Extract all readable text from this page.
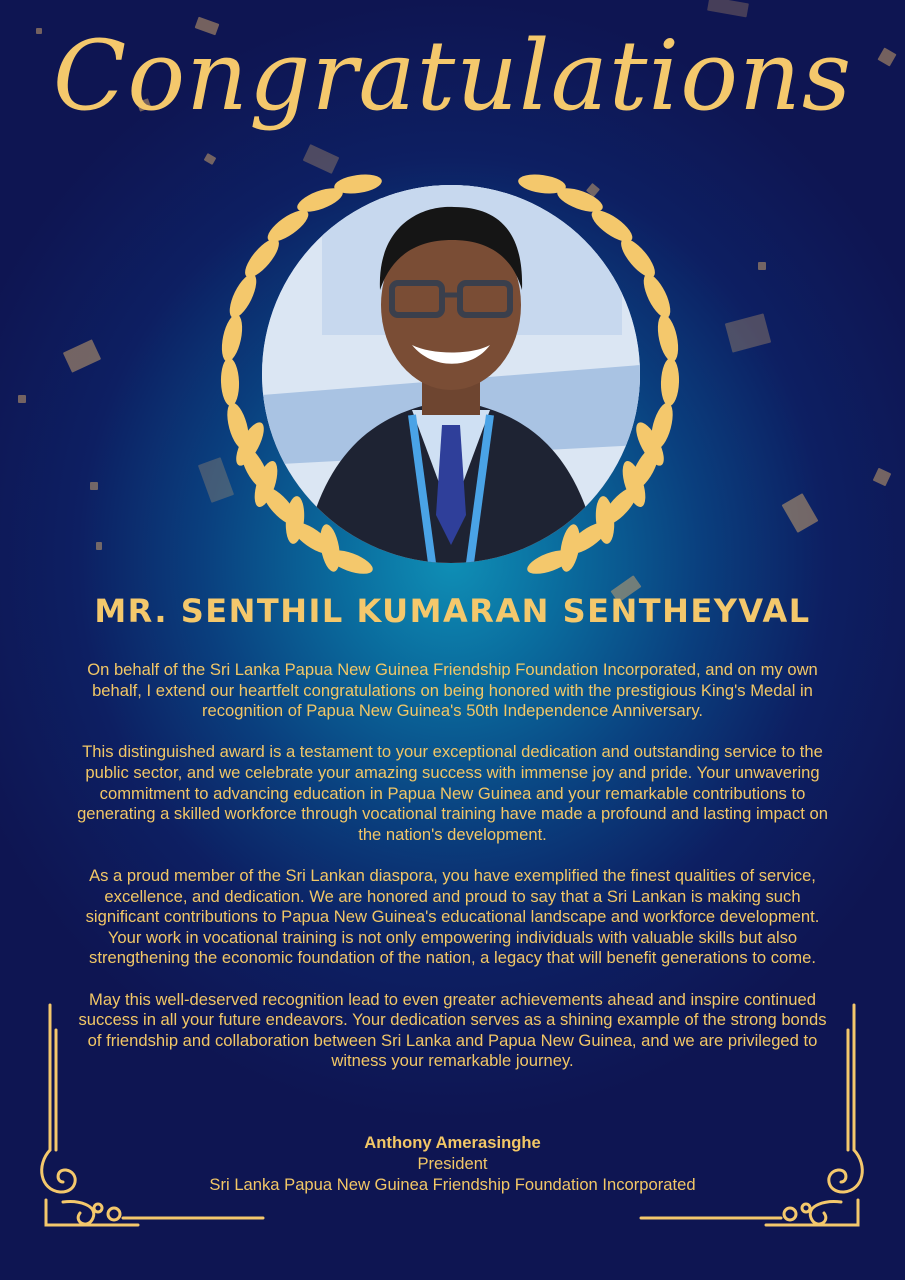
Congratulations
MR. SENTHIL KUMARAN SENTHEYVAL

On behalf of the Sri Lanka Papua New Guinea Friendship Foundation Incorporated, and on my own behalf, I extend our heartfelt congratulations on being honored with the prestigious King's Medal in recognition of Papua New Guinea's 50th Independence Anniversary.

This distinguished award is a testament to your exceptional dedication and outstanding service to the public sector, and we celebrate your amazing success with immense joy and pride. Your unwavering commitment to advancing education in Papua New Guinea and your remarkable contributions to generating a skilled workforce through vocational training have made a profound and lasting impact on the nation's development.

As a proud member of the Sri Lankan diaspora, you have exemplified the finest qualities of service, excellence, and dedication. We are honored and proud to say that a Sri Lankan is making such significant contributions to Papua New Guinea's educational landscape and workforce development. Your work in vocational training is not only empowering individuals with valuable skills but also strengthening the economic foundation of the nation, a legacy that will benefit generations to come.

May this well-deserved recognition lead to even greater achievements ahead and inspire continued success in all your future endeavors. Your dedication serves as a shining example of the strong bonds of friendship and collaboration between Sri Lanka and Papua New Guinea, and we are privileged to witness your remarkable journey.

Anthony Amerasinghe
President
Sri Lanka Papua New Guinea Friendship Foundation Incorporated
